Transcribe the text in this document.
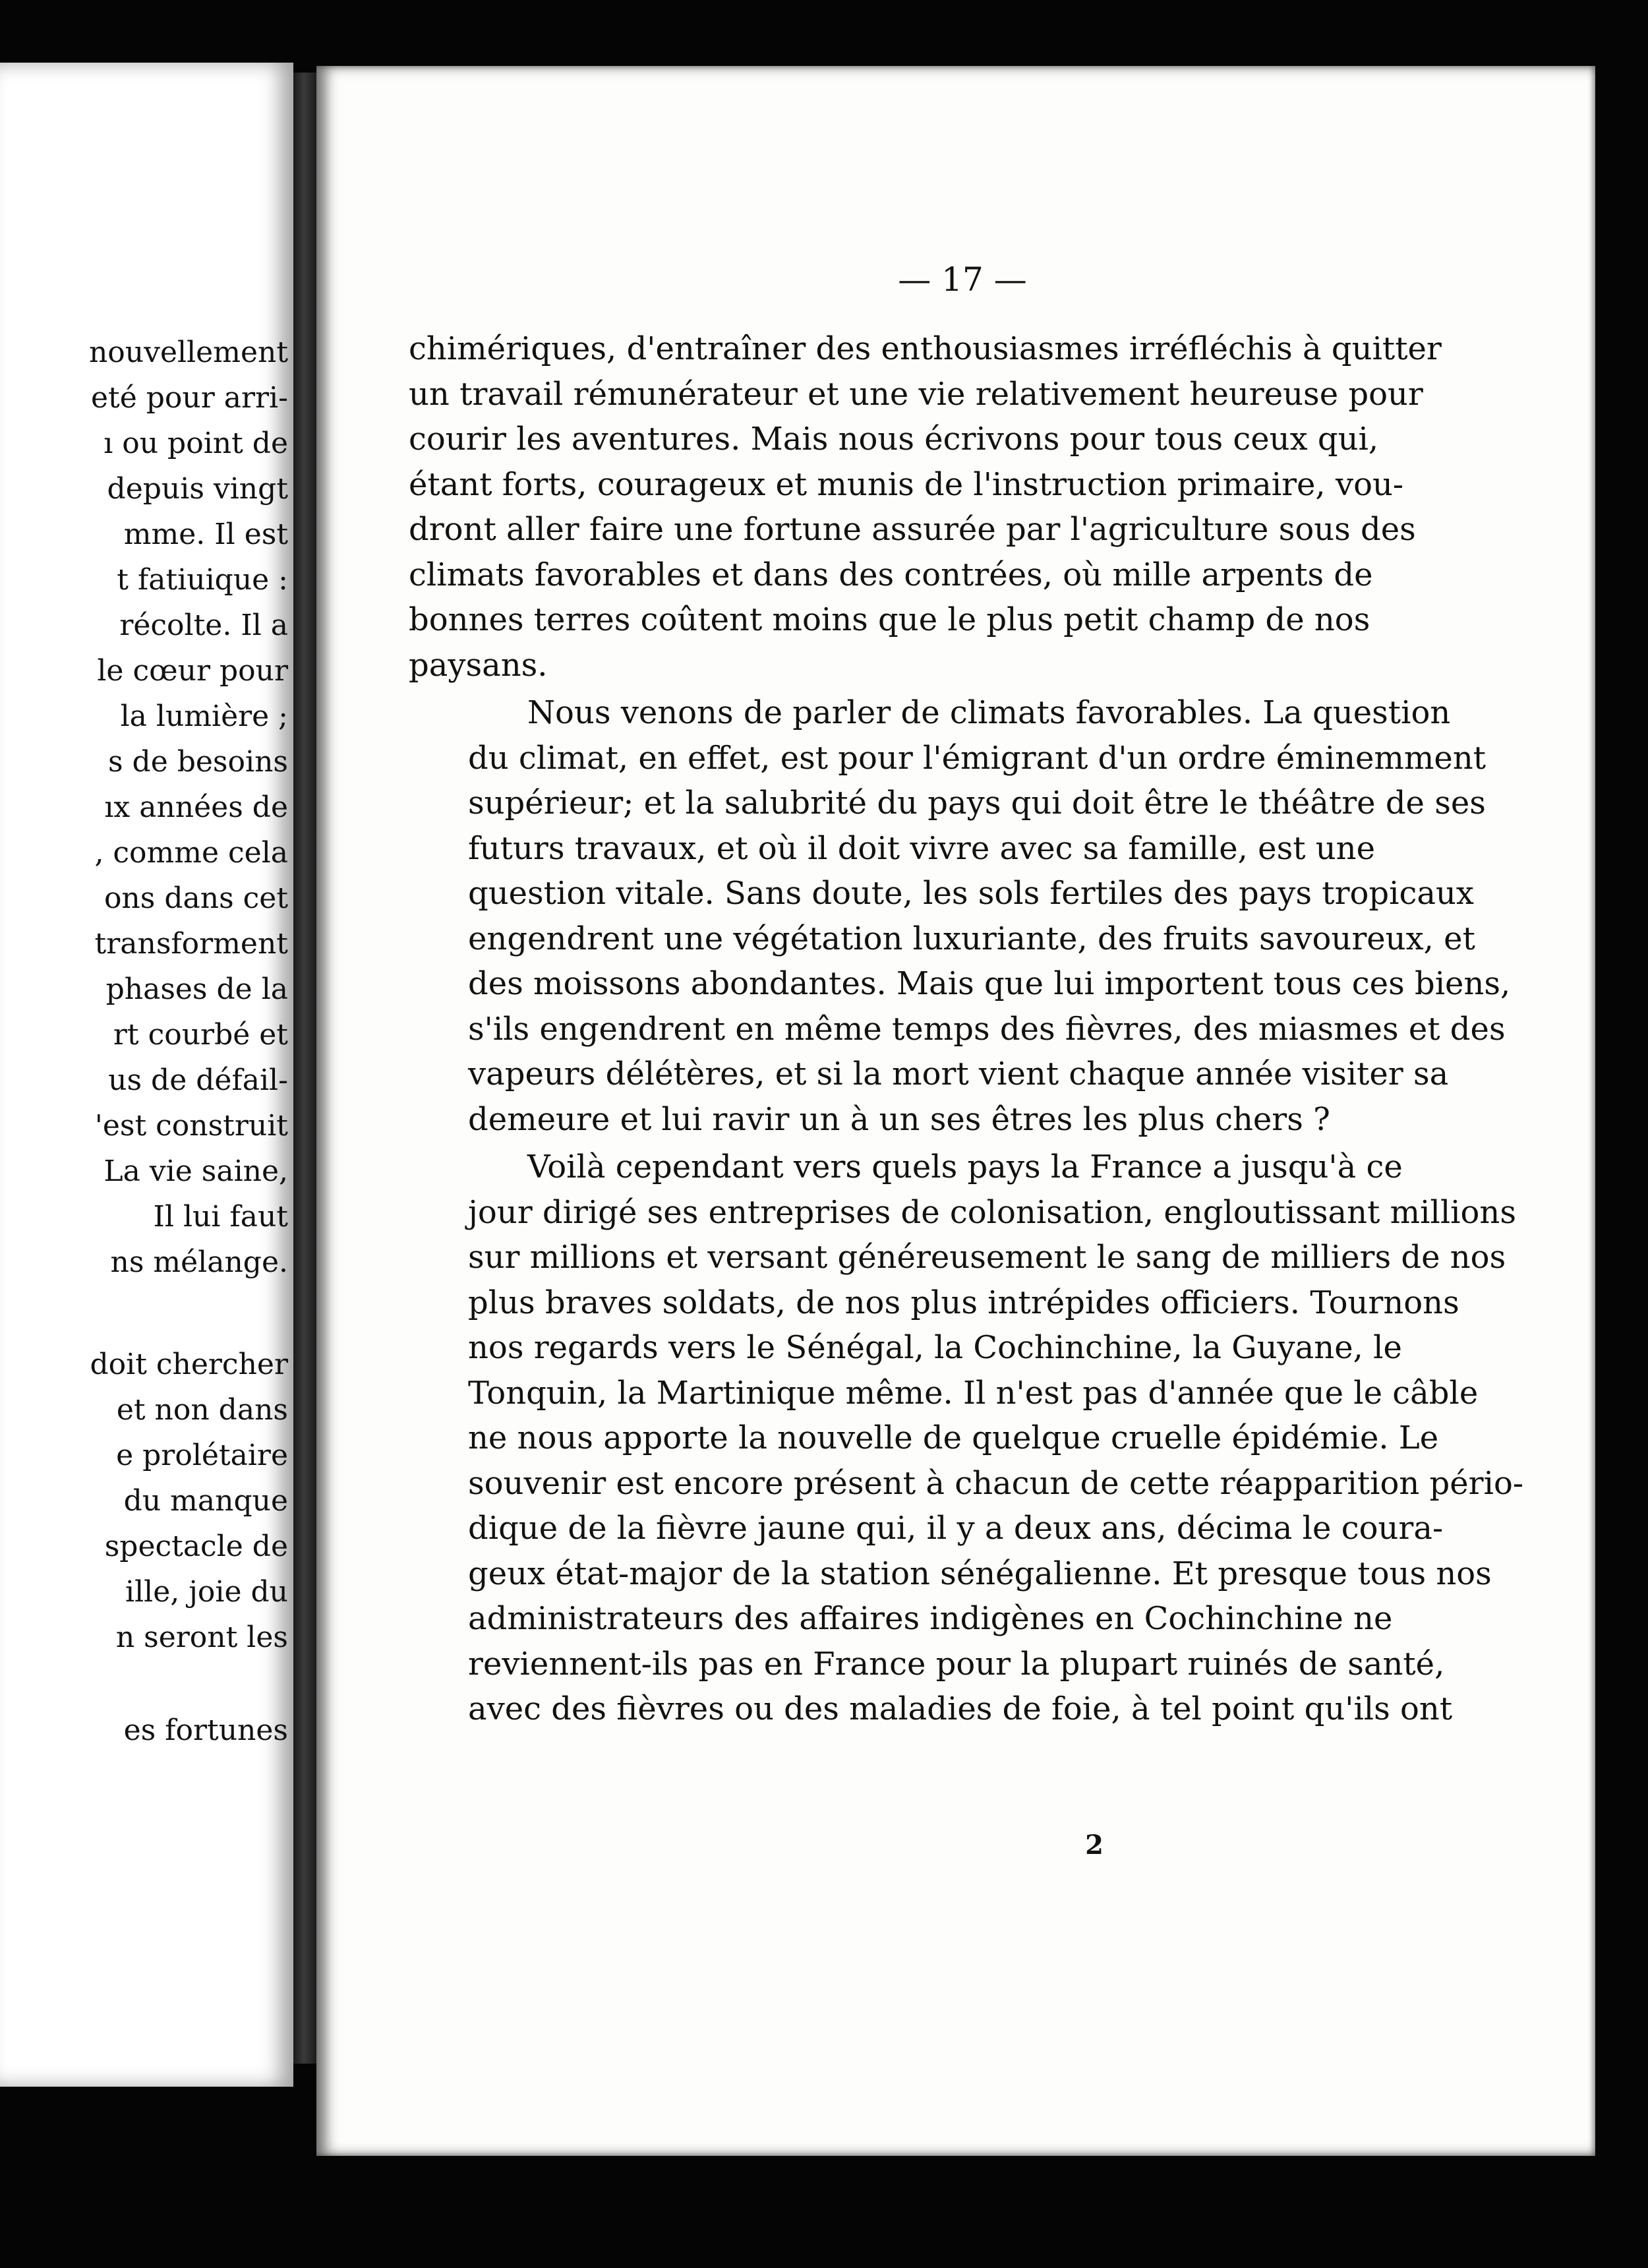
nouvellement
eté pour arri-
ı ou point de
depuis vingt
mme. Il est
t fatiuique :
récolte. Il a
le cœur pour
la lumière ;
s de besoins
ıx années de
, comme cela
ons dans cet
transforment
phases de la
rt courbé et
us de défail-
'est construit
La vie saine,
Il lui faut
ns mélange.
doit chercher
et non dans
e prolétaire
du manque
spectacle de
ille, joie du
n seront les
es fortunes
— 17 —

chimériques, d'entraîner des enthousiasmes irréfléchis à quitter
un travail rémunérateur et une vie relativement heureuse pour
courir les aventures. Mais nous écrivons pour tous ceux qui,
étant forts, courageux et munis de l'instruction primaire, vou-
dront aller faire une fortune assurée par l'agriculture sous des
climats favorables et dans des contrées, où mille arpents de
bonnes terres coûtent moins que le plus petit champ de nos
paysans.

Nous venons de parler de climats favorables. La question
du climat, en effet, est pour l'émigrant d'un ordre éminemment
supérieur; et la salubrité du pays qui doit être le théâtre de ses
futurs travaux, et où il doit vivre avec sa famille, est une
question vitale. Sans doute, les sols fertiles des pays tropicaux
engendrent une végétation luxuriante, des fruits savoureux, et
des moissons abondantes. Mais que lui importent tous ces biens,
s'ils engendrent en même temps des fièvres, des miasmes et des
vapeurs délétères, et si la mort vient chaque année visiter sa
demeure et lui ravir un à un ses êtres les plus chers ?

Voilà cependant vers quels pays la France a jusqu'à ce
jour dirigé ses entreprises de colonisation, engloutissant millions
sur millions et versant généreusement le sang de milliers de nos
plus braves soldats, de nos plus intrépides officiers. Tournons
nos regards vers le Sénégal, la Cochinchine, la Guyane, le
Tonquin, la Martinique même. Il n'est pas d'année que le câble
ne nous apporte la nouvelle de quelque cruelle épidémie. Le
souvenir est encore présent à chacun de cette réapparition pério-
dique de la fièvre jaune qui, il y a deux ans, décima le coura-
geux état-major de la station sénégalienne. Et presque tous nos
administrateurs des affaires indigènes en Cochinchine ne
reviennent-ils pas en France pour la plupart ruinés de santé,
avec des fièvres ou des maladies de foie, à tel point qu'ils ont

2
